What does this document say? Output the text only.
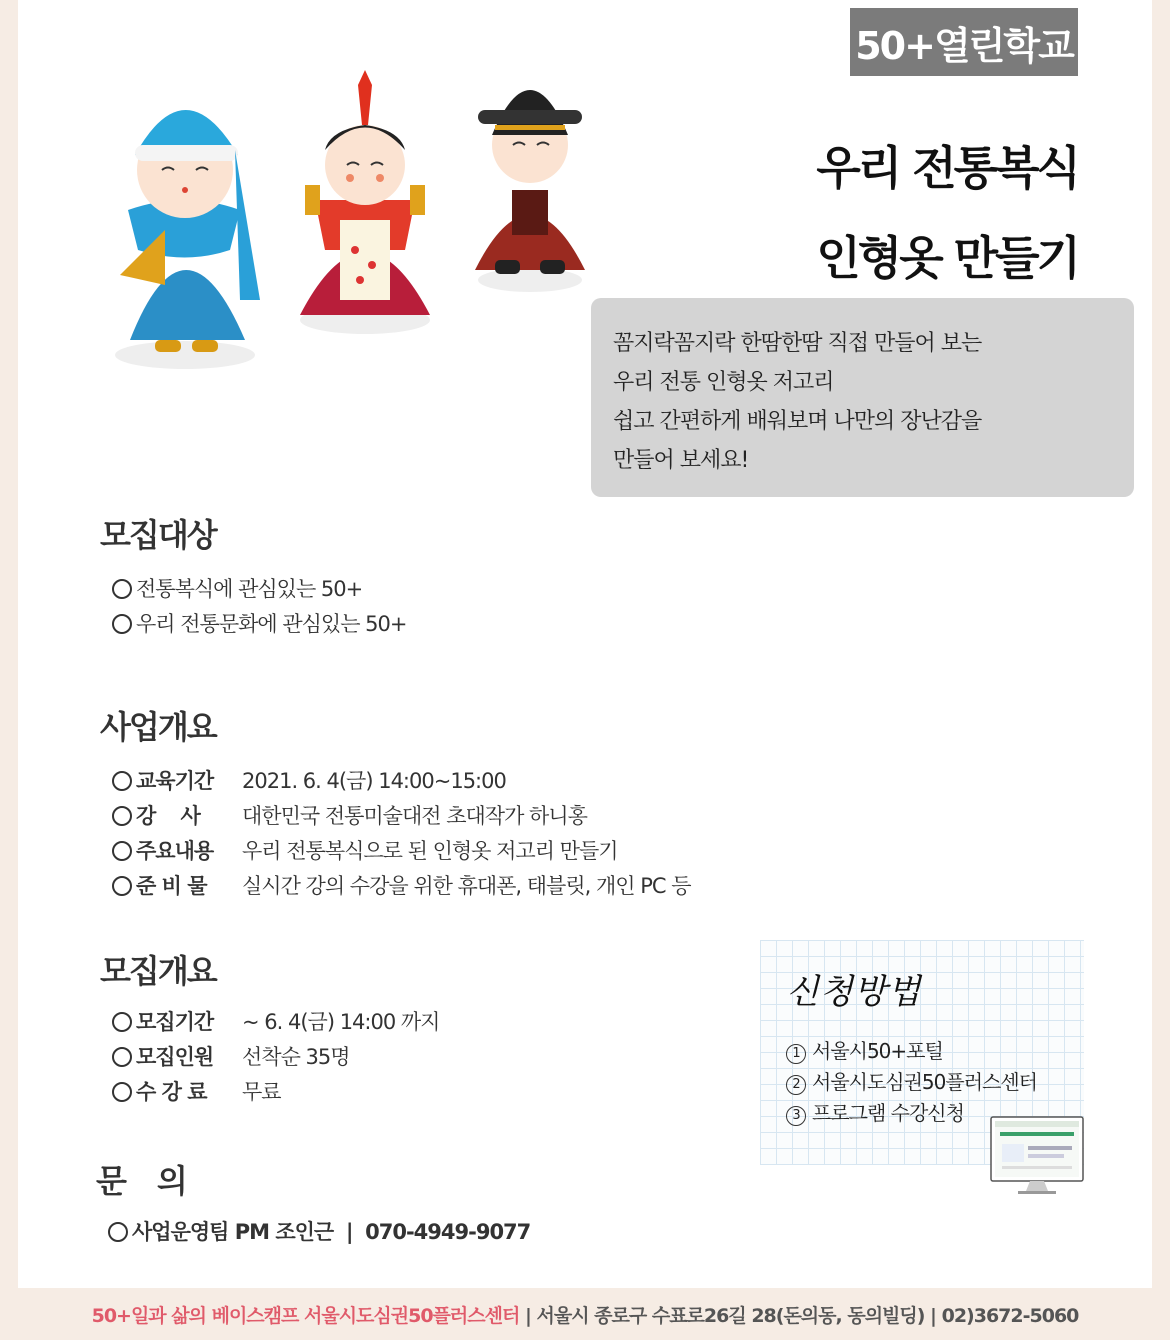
50+열린학교
우리 전통복식
인형옷 만들기
꼼지락꼼지락 한땀한땀 직접 만들어 보는
우리 전통 인형옷 저고리
쉽고 간편하게 배워보며 나만의 장난감을
만들어 보세요!
모집대상
전통복식에 관심있는 50+
우리 전통문화에 관심있는 50+
사업개요
교육기간 2021. 6. 4(금) 14:00~15:00
강    사 대한민국 전통미술대전 초대작가 하니홍
주요내용 우리 전통복식으로 된 인형옷 저고리 만들기
준 비 물 실시간 강의 수강을 위한 휴대폰, 태블릿, 개인 PC 등
모집개요
모집기간 ~ 6. 4(금) 14:00 까지
모집인원 선착순 35명
수 강 료 무료
문의
사업운영팀 PM 조인근  |  070-4949-9077
신청방법
1 서울시50+포털
2 서울시도심권50플러스센터
3 프로그램 수강신청
50+일과 삶의 베이스캠프 서울시도심권50플러스센터 | 서울시 종로구 수표로26길 28(돈의동, 동의빌딩) | 02)3672-5060
